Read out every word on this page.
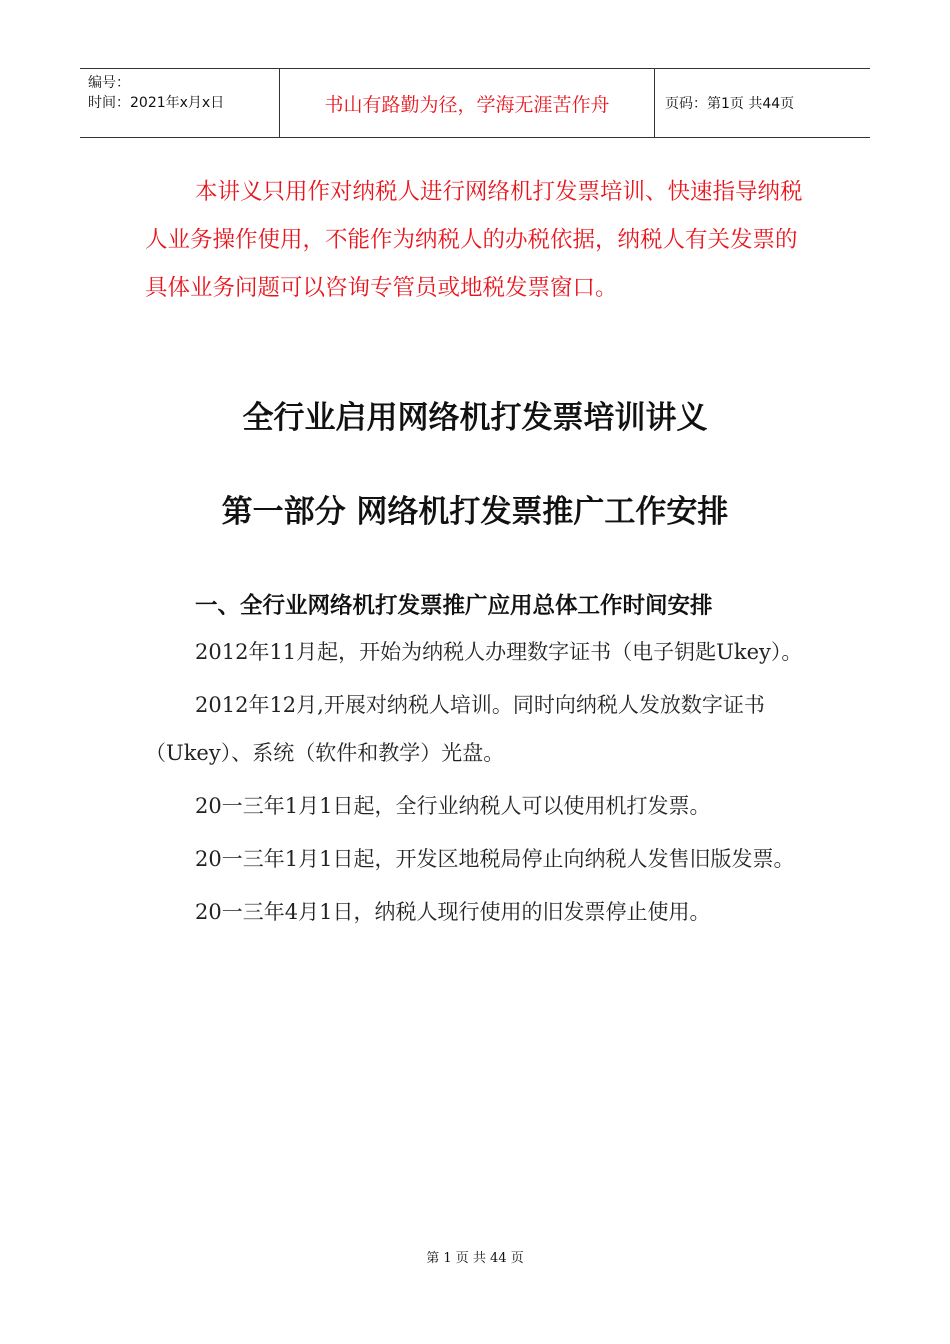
编号：
时间：2021年x月x日	书山有路勤为径，学海无涯苦作舟	页码：第1页 共44页

本讲义只用作对纳税人进行网络机打发票培训、快速指导纳税人业务操作使用，不能作为纳税人的办税依据，纳税人有关发票的具体业务问题可以咨询专管员或地税发票窗口。

全行业启用网络机打发票培训讲义
第一部分 网络机打发票推广工作安排
一、全行业网络机打发票推广应用总体工作时间安排

2012年11月起，开始为纳税人办理数字证书（电子钥匙Ukey）。

2012年12月,开展对纳税人培训。同时向纳税人发放数字证书（Ukey）、系统（软件和教学）光盘。

20一三年1月1日起，全行业纳税人可以使用机打发票。

20一三年1月1日起，开发区地税局停止向纳税人发售旧版发票。

20一三年4月1日，纳税人现行使用的旧发票停止使用。

第 1 页 共 44 页
